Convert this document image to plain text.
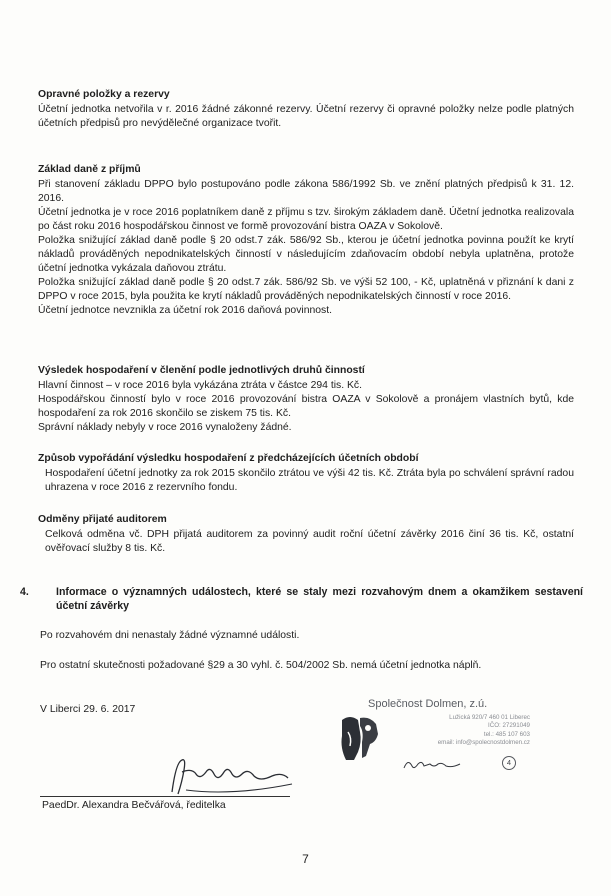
Opravné položky a rezervy

Účetní jednotka netvořila v r. 2016 žádné zákonné rezervy. Účetní rezervy či opravné položky nelze podle platných účetních předpisů pro nevýdělečné organizace tvořit.

Základ daně z příjmů

Při stanovení základu DPPO bylo postupováno podle zákona 586/1992 Sb. ve znění platných předpisů k 31. 12. 2016.

Účetní jednotka je v roce 2016 poplatníkem daně z příjmu s tzv. širokým základem daně. Účetní jednotka realizovala po část roku 2016 hospodářskou činnost ve formě provozování bistra OAZA v Sokolově.

Položka snižující základ daně podle § 20 odst.7 zák. 586/92 Sb., kterou je účetní jednotka povinna použít ke krytí nákladů prováděných nepodnikatelských činností v následujícím zdaňovacím období nebyla uplatněna, protože účetní jednotka vykázala daňovou ztrátu.

Položka snižující základ daně podle § 20 odst.7 zák. 586/92 Sb. ve výši 52 100, - Kč, uplatněná v přiznání k dani z DPPO v roce 2015, byla použita ke krytí nákladů prováděných nepodnikatelských činností v roce 2016.

Účetní jednotce nevznikla za účetní rok 2016 daňová povinnost.

Výsledek hospodaření v členění podle jednotlivých druhů činností

Hlavní činnost – v roce 2016 byla vykázána ztráta v částce 294 tis. Kč.

Hospodářskou činností bylo v roce 2016 provozování bistra OAZA v Sokolově a pronájem vlastních bytů, kde hospodaření za rok 2016 skončilo se ziskem 75 tis. Kč.

Správní náklady nebyly v roce 2016 vynaloženy žádné.

Způsob vypořádání výsledku hospodaření z předcházejících účetních období

Hospodaření účetní jednotky za rok 2015 skončilo ztrátou ve výši 42 tis. Kč. Ztráta byla po schválení správní radou uhrazena v roce 2016 z rezervního fondu.

Odměny přijaté auditorem

Celková odměna vč. DPH přijatá auditorem za povinný audit roční účetní závěrky 2016 činí 36 tis. Kč, ostatní ověřovací služby 8 tis. Kč.

4.	Informace o významných událostech, které se staly mezi rozvahovým dnem a okamžikem sestavení účetní závěrky
Po rozvahovém dni nenastaly žádné významné události.
Pro ostatní skutečnosti požadované §29 a 30 vyhl. č. 504/2002 Sb. nemá účetní jednotka náplň.
V Liberci 29. 6. 2017	Společnost Dolmen, z.ú.
Lužická 920/7 460 01 Liberec
IČO: 27291049
tel.: 485 107 603
email: info@spolecnostdolmen.cz
4
PaedDr. Alexandra Bečvářová, ředitelka
7
